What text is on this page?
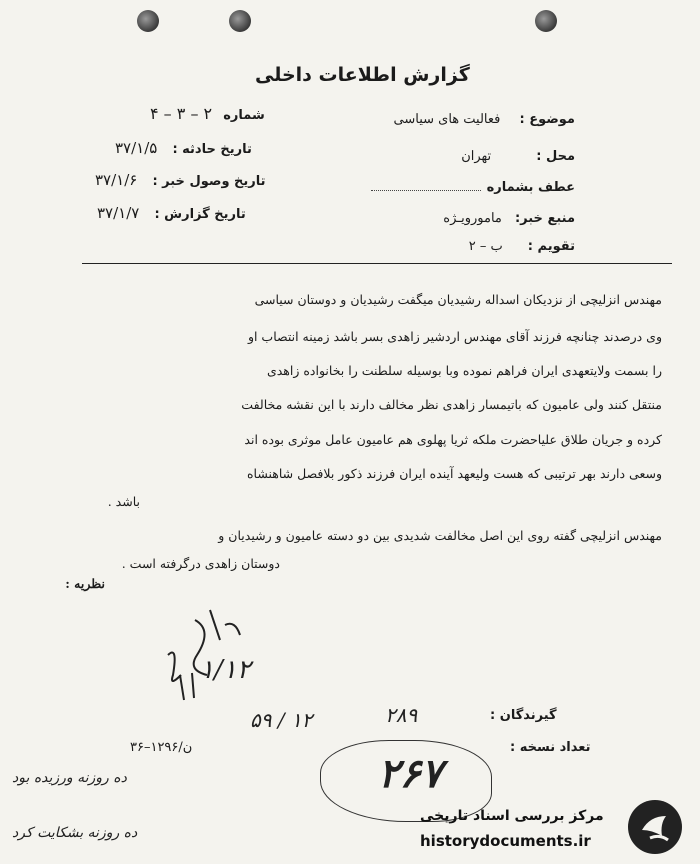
گزارش اطلاعات داخلی
موضوع : فعالیت های سیاسی
محل : تهران
عطف بشماره
منبع خبر: مامورویـژه
تقویم : ب – ۲
شماره ۲ – ۳ – ۴
تاریخ حادثه : ۳۷/۱/۵
تاریخ وصول خبر : ۳۷/۱/۶
تاریخ گزارش : ۳۷/۱/۷
مهندس انزلیچی از نزدیکان اسداله رشیدیان میگفت رشیدیان و دوستان سیاسی
وی درصدند چنانچه فرزند آقای مهندس اردشیر زاهدی بسر باشد زمینه انتصاب او
را بسمت ولایتعهدی ایران فراهم نموده وبا بوسیله سلطنت را بخانواده زاهدی
منتقل کنند ولی عامیون که باتیمسار زاهدی نظر مخالف دارند با این نقشه مخالفت
کرده و جریان طلاق علیاحضرت ملکه ثریا پهلوی هم عامیون عامل موثری بوده اند
وسعی دارند بهر ترتیبی که هست ولیعهد آینده ایران فرزند ذکور بلافصل شاهنشاه
باشد .
مهندس انزلیچی گفته روی این اصل مخالفت شدیدی بین دو دسته عامیون و رشیدیان و
دوستان زاهدی درگرفته است .
نظریه :
۱/۱۲
گیرندگان :
تعداد نسخه :
۲۸۹
۵۹ / ۱۲
۳۶–۱۲۹۶/ن
۲۶۷
ده روزنه ورزیده بود
ده روزنه بشکایت کرد
مرکز بررسی اسناد تاریخی
historydocuments.ir
